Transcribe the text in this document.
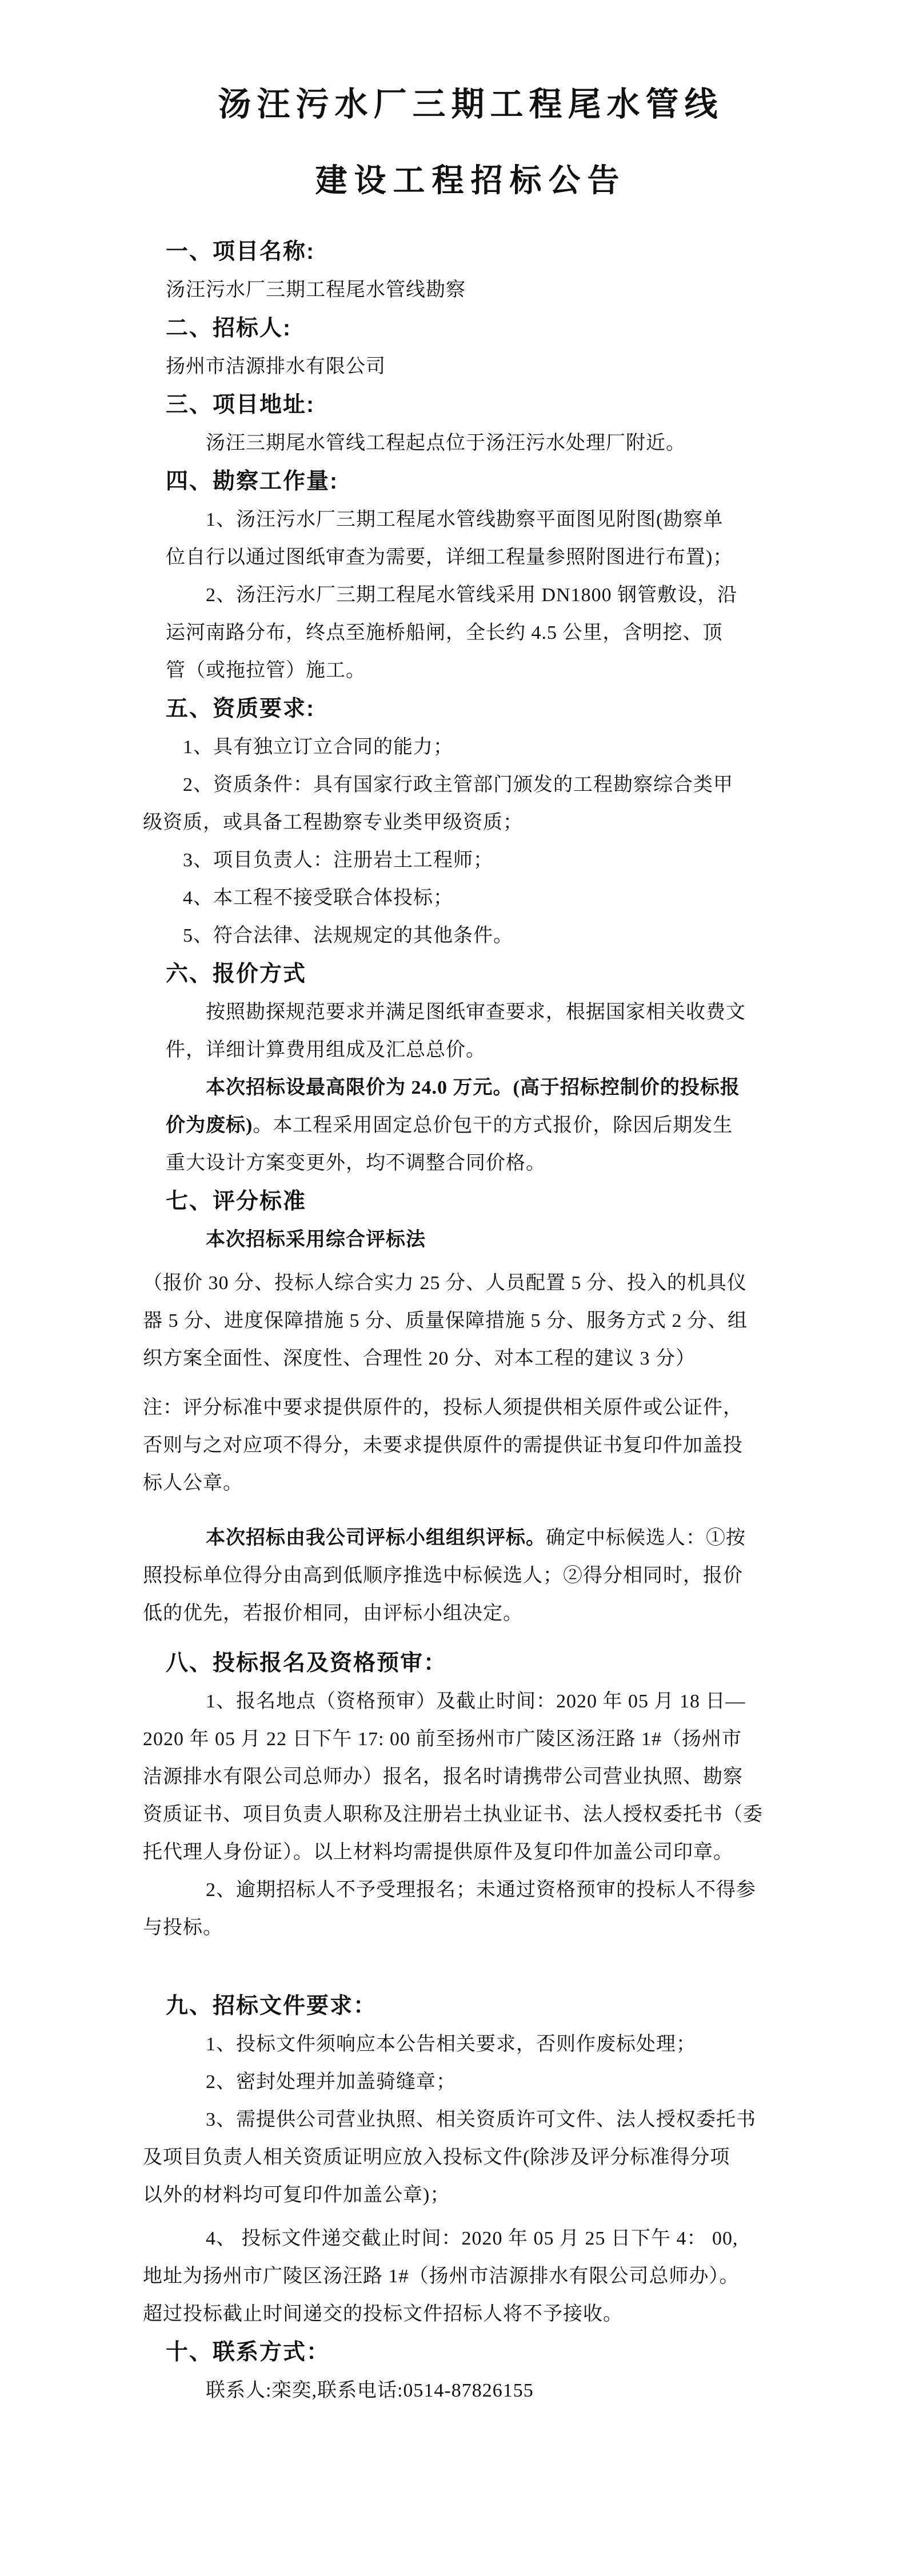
汤汪污水厂三期工程尾水管线
建设工程招标公告
一、项目名称:
汤汪污水厂三期工程尾水管线勘察
二、招标人:
扬州市洁源排水有限公司
三、项目地址:
汤汪三期尾水管线工程起点位于汤汪污水处理厂附近。
四、勘察工作量:
1、汤汪污水厂三期工程尾水管线勘察平面图见附图(勘察单
位自行以通过图纸审查为需要，详细工程量参照附图进行布置)；
2、汤汪污水厂三期工程尾水管线采用 DN1800 钢管敷设，沿
运河南路分布，终点至施桥船闸，全长约 4.5 公里，含明挖、顶
管（或拖拉管）施工。
五、资质要求:
1、具有独立订立合同的能力；
2、资质条件：具有国家行政主管部门颁发的工程勘察综合类甲
级资质，或具备工程勘察专业类甲级资质；
3、项目负责人：注册岩土工程师；
4、本工程不接受联合体投标；
5、符合法律、法规规定的其他条件。
六、报价方式
按照勘探规范要求并满足图纸审查要求，根据国家相关收费文
件，详细计算费用组成及汇总总价。
本次招标设最高限价为 24.0 万元。(高于招标控制价的投标报
价为废标)。本工程采用固定总价包干的方式报价，除因后期发生
重大设计方案变更外，均不调整合同价格。
七、评分标准
本次招标采用综合评标法
（报价 30 分、投标人综合实力 25 分、人员配置 5 分、投入的机具仪
器 5 分、进度保障措施 5 分、质量保障措施 5 分、服务方式 2 分、组
织方案全面性、深度性、合理性 20 分、对本工程的建议 3 分）
注：评分标准中要求提供原件的，投标人须提供相关原件或公证件，
否则与之对应项不得分，未要求提供原件的需提供证书复印件加盖投
标人公章。
本次招标由我公司评标小组组织评标。确定中标候选人：①按
照投标单位得分由高到低顺序推选中标候选人；②得分相同时，报价
低的优先，若报价相同，由评标小组决定。
八、投标报名及资格预审：
1、报名地点（资格预审）及截止时间：2020 年 05 月 18 日—
2020 年 05 月 22 日下午 17: 00 前至扬州市广陵区汤汪路 1#（扬州市
洁源排水有限公司总师办）报名，报名时请携带公司营业执照、勘察
资质证书、项目负责人职称及注册岩土执业证书、法人授权委托书（委
托代理人身份证）。以上材料均需提供原件及复印件加盖公司印章。
2、逾期招标人不予受理报名；未通过资格预审的投标人不得参
与投标。
九、招标文件要求：
1、投标文件须响应本公告相关要求，否则作废标处理；
2、密封处理并加盖骑缝章；
3、需提供公司营业执照、相关资质许可文件、法人授权委托书
及项目负责人相关资质证明应放入投标文件(除涉及评分标准得分项
以外的材料均可复印件加盖公章)；
4、 投标文件递交截止时间：2020 年 05 月 25 日下午 4： 00,
地址为扬州市广陵区汤汪路 1#（扬州市洁源排水有限公司总师办）。
超过投标截止时间递交的投标文件招标人将不予接收。
十、联系方式：
联系人:栾奕,联系电话:0514-87826155
